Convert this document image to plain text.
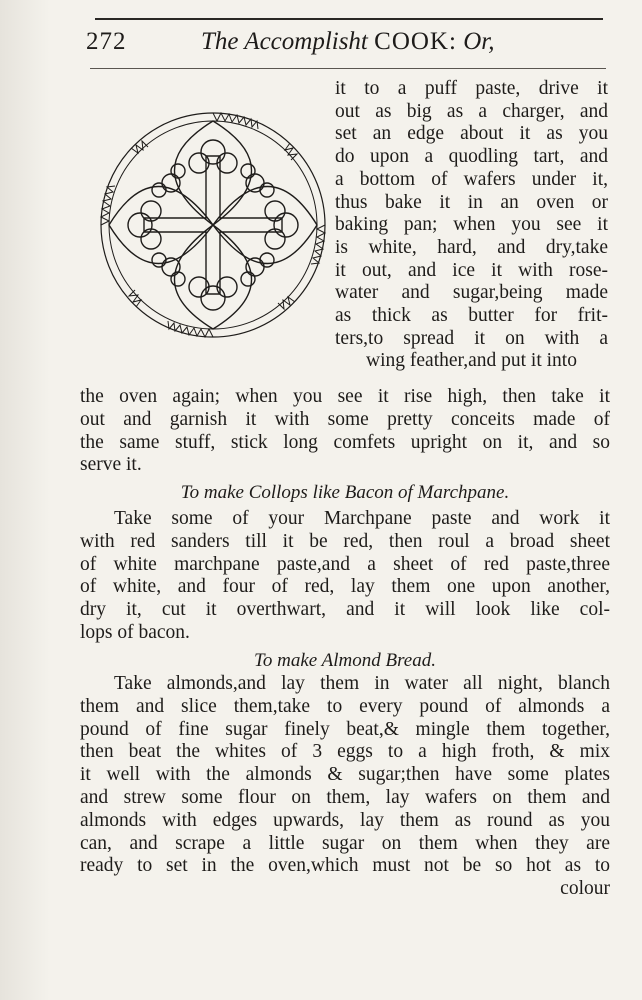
272	The Accomplisht COOK: Or,
it to a puff paste, drive it
out as big as a charger, and
set an edge about it as you
do upon a quodling tart, and
a bottom of wafers under it,
thus bake it in an oven or
baking pan; when you see it
is white, hard, and dry,take
it out, and ice it with rose-
water and sugar,being made
as thick as butter for frit-
ters,to spread it on with a
wing feather,and put it into
the oven again; when you see it rise high, then take it
out and garnish it with some pretty conceits made of
the same stuff, stick long comfets upright on it, and so
serve it.
To make Collops like Bacon of Marchpane.
Take some of your Marchpane paste and work it
with red sanders till it be red, then roul a broad sheet
of white marchpane paste,and a sheet of red paste,three
of white, and four of red, lay them one upon another,
dry it, cut it overthwart, and it will look like col-
lops of bacon.
To make Almond Bread.
Take almonds,and lay them in water all night, blanch
them and slice them,take to every pound of almonds a
pound of fine sugar finely beat,& mingle them together,
then beat the whites of 3 eggs to a high froth, & mix
it well with the almonds & sugar;then have some plates
and strew some flour on them, lay wafers on them and
almonds with edges upwards, lay them as round as you
can, and scrape a little sugar on them when they are
ready to set in the oven,which must not be so hot as to
colour
